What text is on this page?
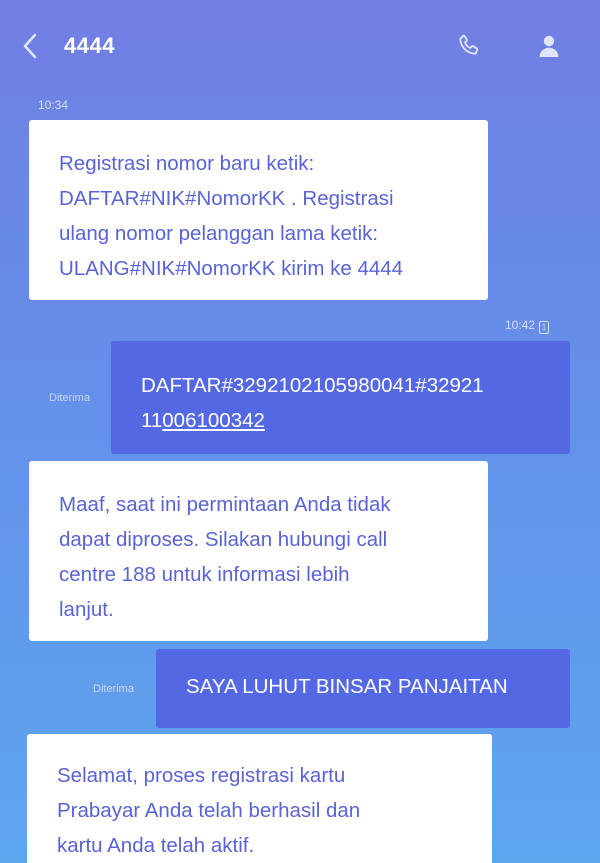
4444
10:34
Registrasi nomor baru ketik:
DAFTAR#NIK#NomorKK . Registrasi
ulang nomor pelanggan lama ketik:
ULANG#NIK#NomorKK kirim ke 4444
10:42 1
Diterima
DAFTAR#3292102105980041#32921
11006100342
Maaf, saat ini permintaan Anda tidak
dapat diproses. Silakan hubungi call
centre 188 untuk informasi lebih
lanjut.
Diterima	SAYA LUHUT BINSAR PANJAITAN
Selamat, proses registrasi kartu
Prabayar Anda telah berhasil dan
kartu Anda telah aktif.
